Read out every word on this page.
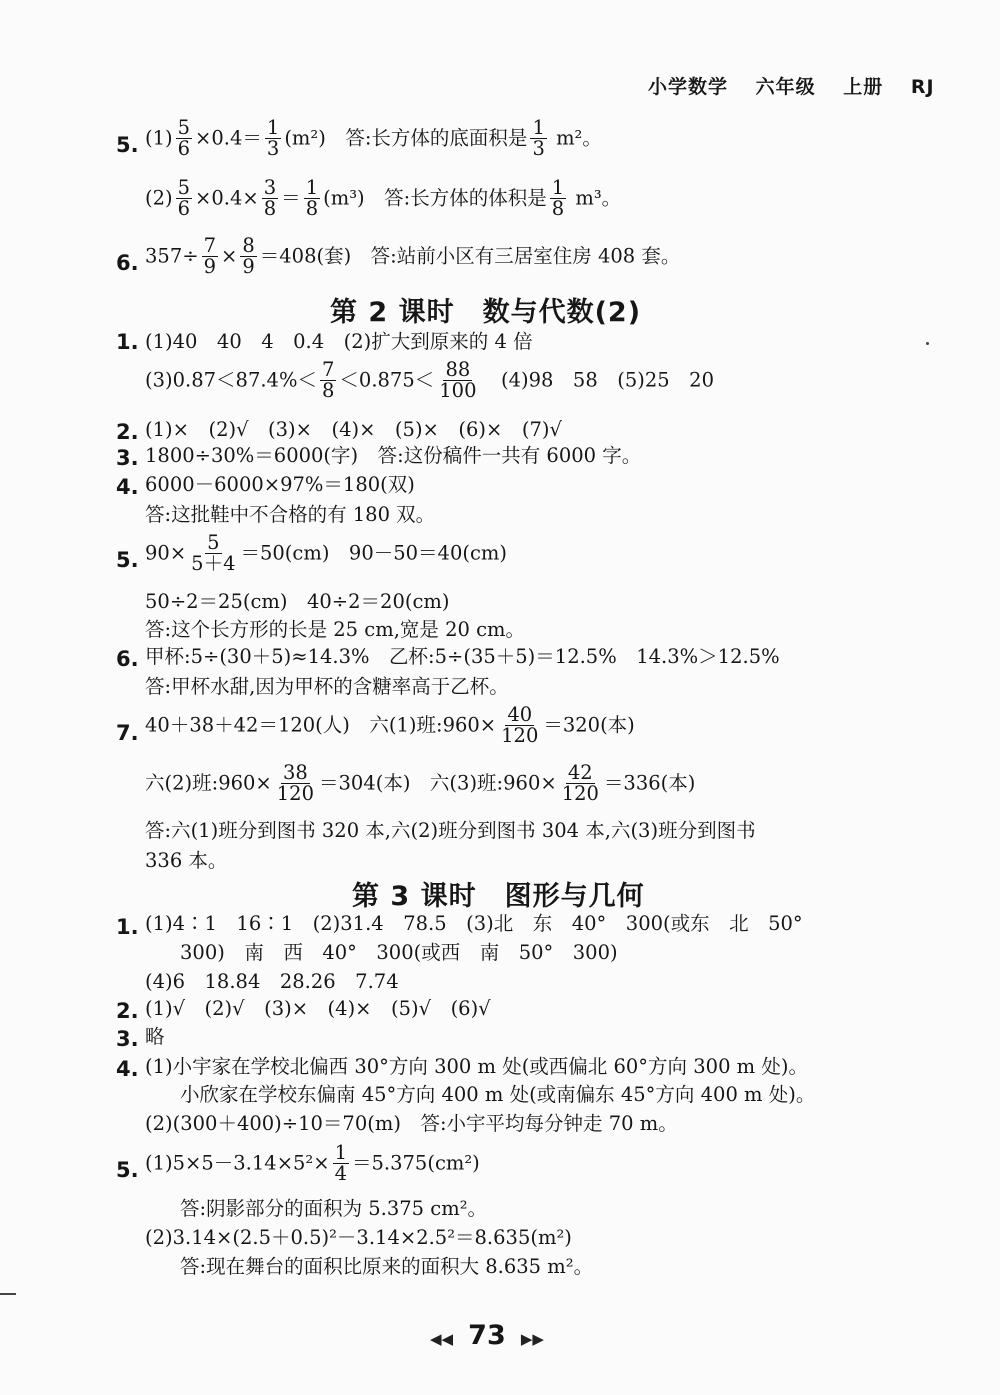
小学数学 六年级 上册 RJ
5. $(1) \frac{5}{6} \times 0.4= \frac{1}{3} (m^2)$  答:长方体的底面积是 $\frac{1}{3} m^2$。
$(2) \frac{5}{6} \times 0.4\times \frac{3}{8} = \frac{1}{8} (m^3)$  答:长方体的体积是 $\frac{1}{8} m^3$。
6. $357\div \frac{7}{9} \times \frac{8}{9} =408$(套)　答:站前小区有三居室住房 408 套。
第 2 课时　数与代数(2)
1. (1)40　40　4　0.4　(2)扩大到原来的 4 倍
$(3)0.87<87.4\%< \frac{7}{8} <0.875< \frac{88}{100}$
  (4)98　58　(5)25　20
2. (1)×　(2)√　(3)×　(4)×　(5)×　(6)×　(7)√
3. 1800÷30%＝6000(字)　答:这份稿件一共有 6000 字。
4. 6000－6000×97%＝180(双)
答:这批鞋中不合格的有 180 双。
5. $90\times \frac{5}{5+4} =50(cm)$　90－50＝40(cm)
50÷2＝25(cm)　40÷2＝20(cm)
答:这个长方形的长是 25 cm,宽是 20 cm。
6. 甲杯:5÷(30＋5)≈14.3%　乙杯:5÷(35＋5)＝12.5%　14.3%＞12.5%
答:甲杯水甜,因为甲杯的含糖率高于乙杯。
7. 40＋38＋42＝120(人)　六(1)班:960× $\frac{40}{120} =320$(本)
六(2)班:960× $\frac{38}{120} =304$(本)　六(3)班:960× $\frac{42}{120} =336$(本)
答:六(1)班分到图书 320 本,六(2)班分到图书 304 本,六(3)班分到图书
336 本。
第 3 课时　图形与几何
1. (1)4∶1　16∶1　(2)31.4　78.5　(3)北　东　40°　300(或东　北　50°
300)　南　西　40°　300(或西　南　50°　300)
(4)6　18.84　28.26　7.74
2. (1)√　(2)√　(3)×　(4)×　(5)√　(6)√
3. 略
4. (1)小宇家在学校北偏西 30°方向 300 m 处(或西偏北 60°方向 300 m 处)。
小欣家在学校东偏南 45°方向 400 m 处(或南偏东 45°方向 400 m 处)。
(2)(300＋400)÷10＝70(m)　答:小宇平均每分钟走 70 m。
5. $(1)5\times 5-3.14\times 5^2\times \frac{1}{4} =5.375(cm^2)$
答:阴影部分的面积为 5.375 cm²。
(2)3.14×(2.5＋0.5)²－3.14×2.5²＝8.635(m²)
答:现在舞台的面积比原来的面积大 8.635 m²。
◀◀ 73 ▶▶
